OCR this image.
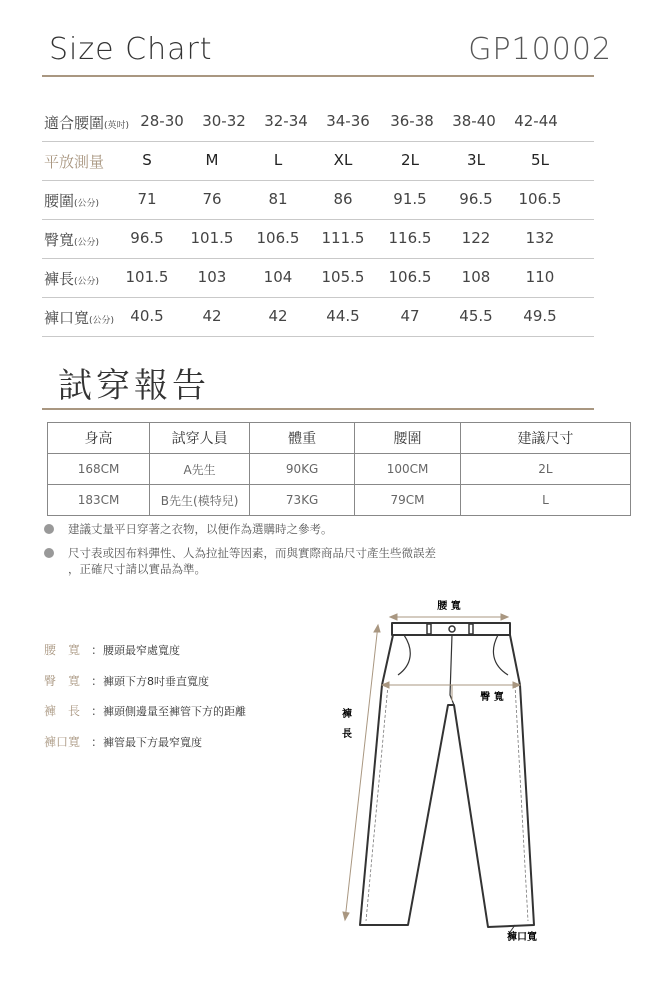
Size Chart	GP10002
適合腰圍(英吋) 28-30	30-32	32-34	34-36	36-38	38-40	42-44
平放測量	S	M	L	XL	2L	3L	5L
腰圍(公分)	71	76	81	86	91.5	96.5	106.5
臀寬(公分)	96.5	101.5	106.5	111.5	116.5	122	132
褲長(公分)	101.5	103	104	105.5	106.5	108	110
褲口寬(公分)	40.5	42	42	44.5	47	45.5	49.5
試穿報告
身高	試穿人員	體重	腰圍	建議尺寸
168CM	A先生	90KG	100CM	2L
183CM	B先生(模特兒)	73KG	79CM	L
建議丈量平日穿著之衣物，以便作為選購時之參考。
尺寸表或因布料彈性、人為拉扯等因素，而與實際商品尺寸產生些微誤差
，正確尺寸請以實品為準。
腰　寬 ：腰頭最窄處寬度
臀　寬 ：褲頭下方8吋垂直寬度
褲　長 ：褲頭側邊量至褲管下方的距離
褲口寬 ：褲管最下方最窄寬度
腰 寬
褲
長
臀 寬
褲口寬
